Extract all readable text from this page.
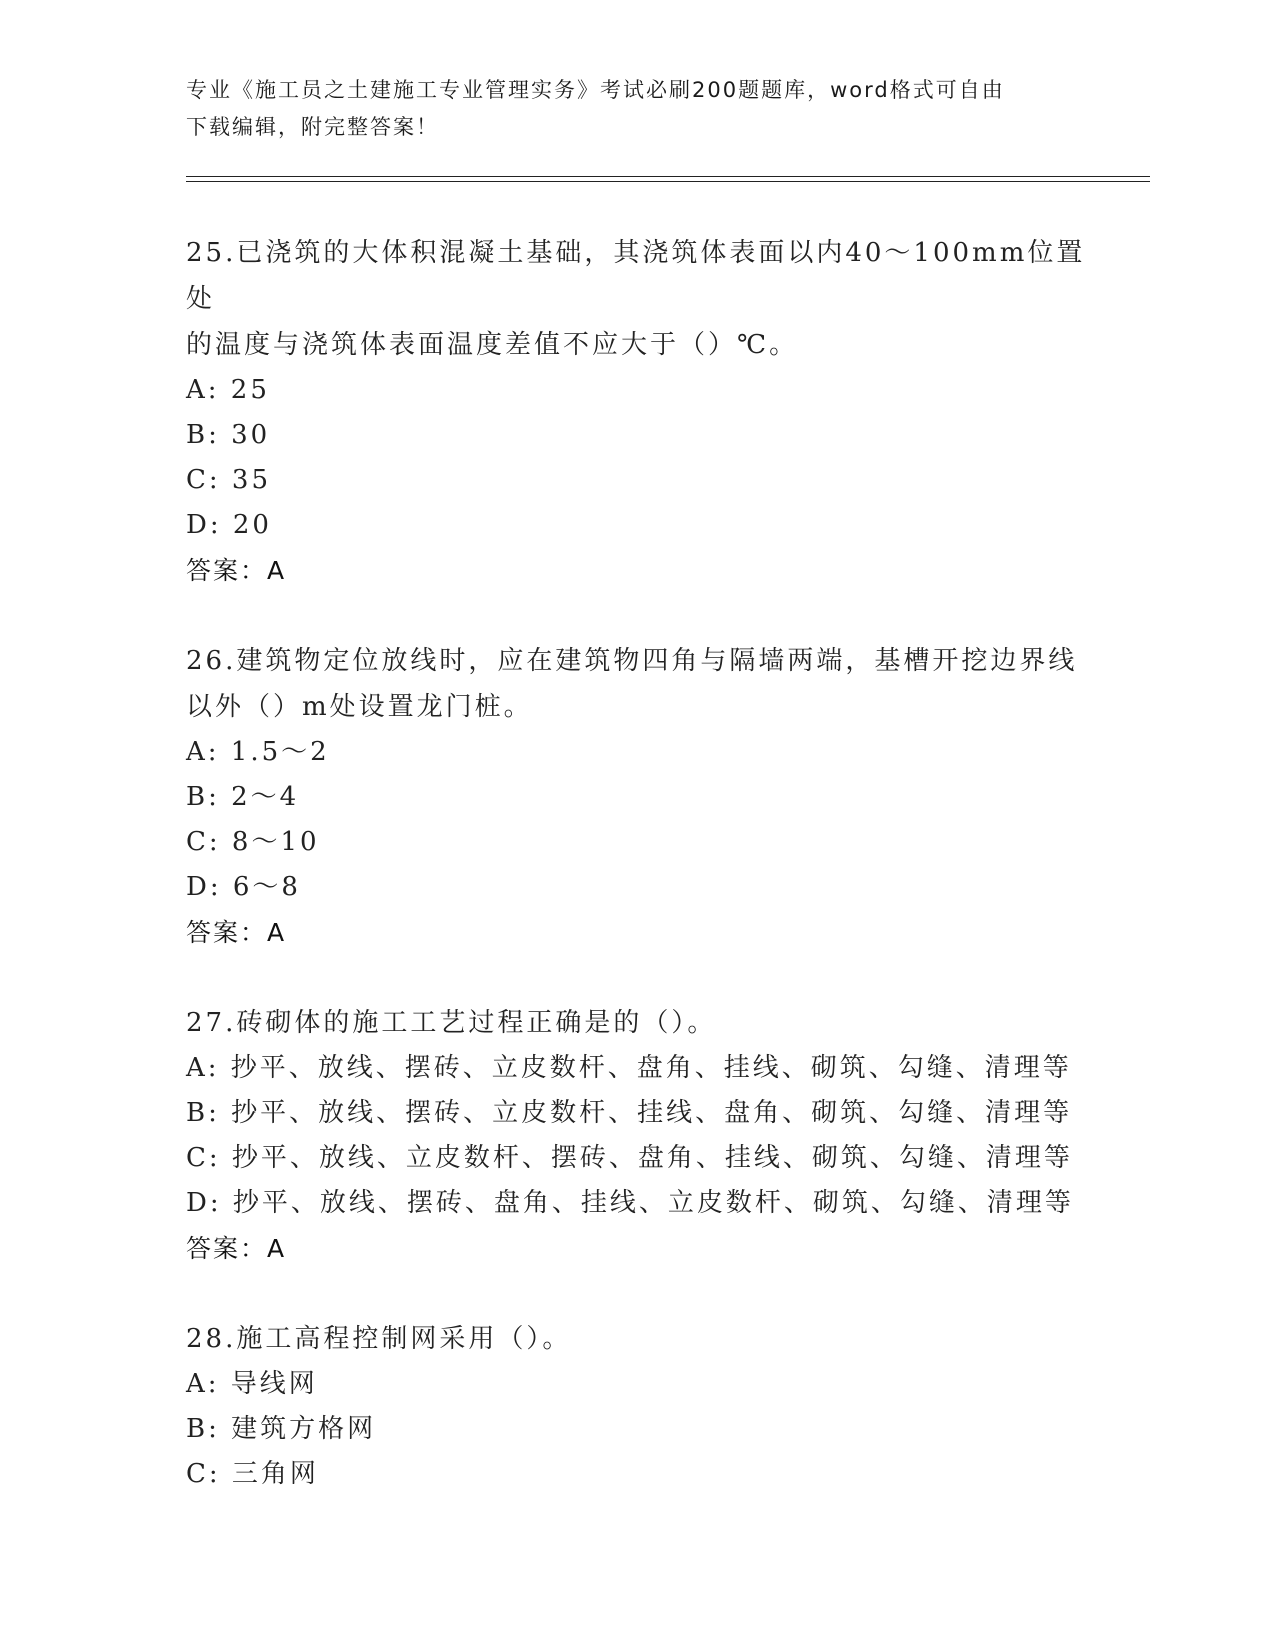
专业《施工员之土建施工专业管理实务》考试必刷200题题库，word格式可自由
下载编辑，附完整答案！
25.已浇筑的大体积混凝土基础，其浇筑体表面以内40～100mm位置处
的温度与浇筑体表面温度差值不应大于（）℃。
A: 25
B: 30
C: 35
D: 20
答案：A
26.建筑物定位放线时，应在建筑物四角与隔墙两端，基槽开挖边界线
以外（）m处设置龙门桩。
A: 1.5～2
B: 2～4
C: 8～10
D: 6～8
答案：A
27.砖砌体的施工工艺过程正确是的（）。
A: 抄平、放线、摆砖、立皮数杆、盘角、挂线、砌筑、勾缝、清理等
B: 抄平、放线、摆砖、立皮数杆、挂线、盘角、砌筑、勾缝、清理等
C: 抄平、放线、立皮数杆、摆砖、盘角、挂线、砌筑、勾缝、清理等
D: 抄平、放线、摆砖、盘角、挂线、立皮数杆、砌筑、勾缝、清理等
答案：A
28.施工高程控制网采用（）。
A: 导线网
B: 建筑方格网
C: 三角网
